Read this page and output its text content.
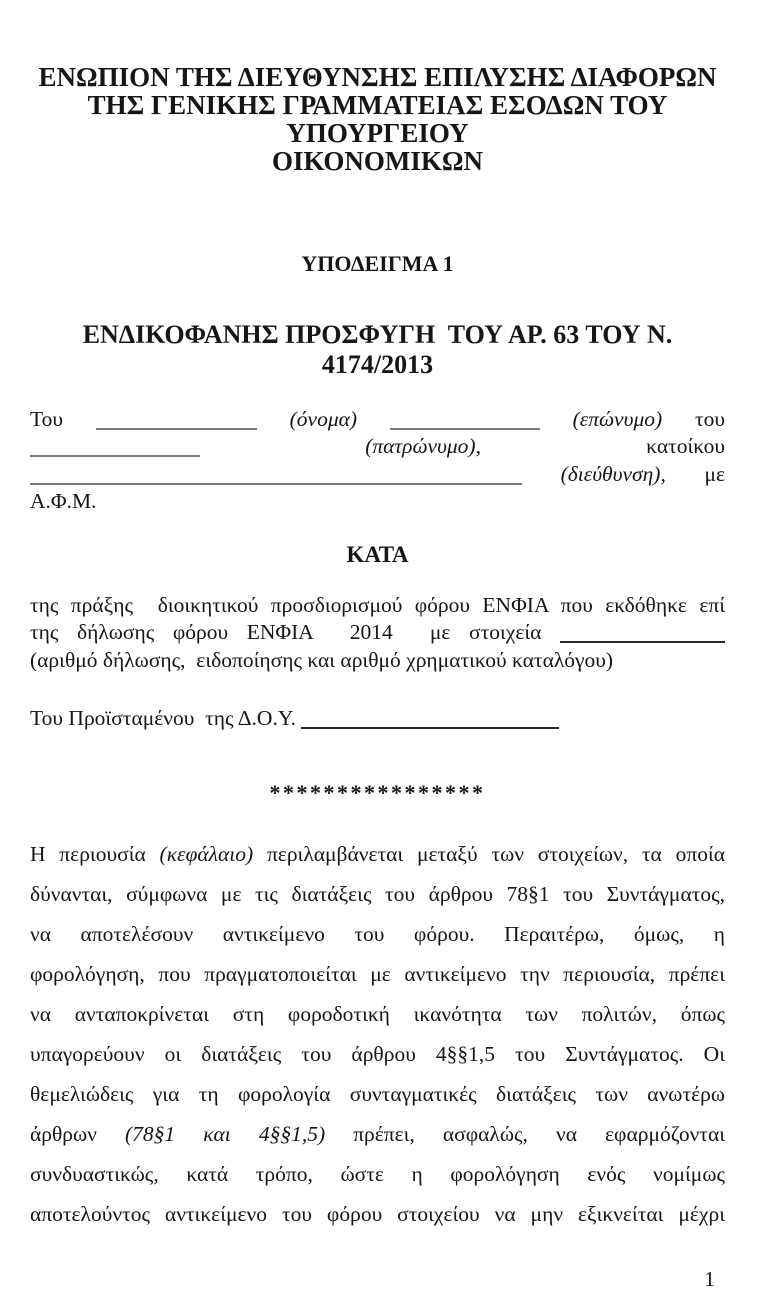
ΕΝΩΠΙΟΝ ΤΗΣ ΔΙΕΥΘΥΝΣΗΣ ΕΠΙΛΥΣΗΣ ΔΙΑΦΟΡΩΝ
ΤΗΣ ΓΕΝΙΚΗΣ ΓΡΑΜΜΑΤΕΙΑΣ ΕΣΟΔΩΝ ΤΟΥ ΥΠΟΥΡΓΕΙΟΥ
ΟΙΚΟΝΟΜΙΚΩΝ
ΥΠΟΔΕΙΓΜΑ 1
ΕΝΔΙΚΟΦΑΝΗΣ ΠΡΟΣΦΥΓΗ  ΤΟΥ ΑΡ. 63 ΤΟΥ Ν. 4174/2013
Του	(όνομα)	(επώνυμο) του
(πατρώνυμο),	κατοίκου
(διεύθυνση), με
Α.Φ.Μ.
ΚΑΤΑ
της πράξης  διοικητικού προσδιορισμού φόρου ΕΝΦΙΑ που εκδόθηκε επί
της δήλωσης φόρου ΕΝΦΙΑ  2014  με στοιχεία
(αριθμό δήλωσης,  ειδοποίησης και αριθμό χρηματικού καταλόγου)
Του Προϊσταμένου  της Δ.Ο.Υ.
****************
Η περιουσία (κεφάλαιο) περιλαμβάνεται μεταξύ των στοιχείων, τα οποία
δύνανται, σύμφωνα με τις διατάξεις του άρθρου 78§1 του Συντάγματος,
να αποτελέσουν αντικείμενο του φόρου. Περαιτέρω, όμως, η
φορολόγηση, που πραγματοποιείται με αντικείμενο την περιουσία, πρέπει
να ανταποκρίνεται στη φοροδοτική ικανότητα των πολιτών, όπως
υπαγορεύουν οι διατάξεις του άρθρου 4§§1,5 του Συντάγματος. Οι
θεμελιώδεις για τη φορολογία συνταγματικές διατάξεις των ανωτέρω
άρθρων (78§1 και 4§§1,5) πρέπει, ασφαλώς, να εφαρμόζονται
συνδυαστικώς, κατά τρόπο, ώστε η φορολόγηση ενός νομίμως
αποτελούντος αντικείμενο του φόρου στοιχείου να μην εξικνείται μέχρι
1
